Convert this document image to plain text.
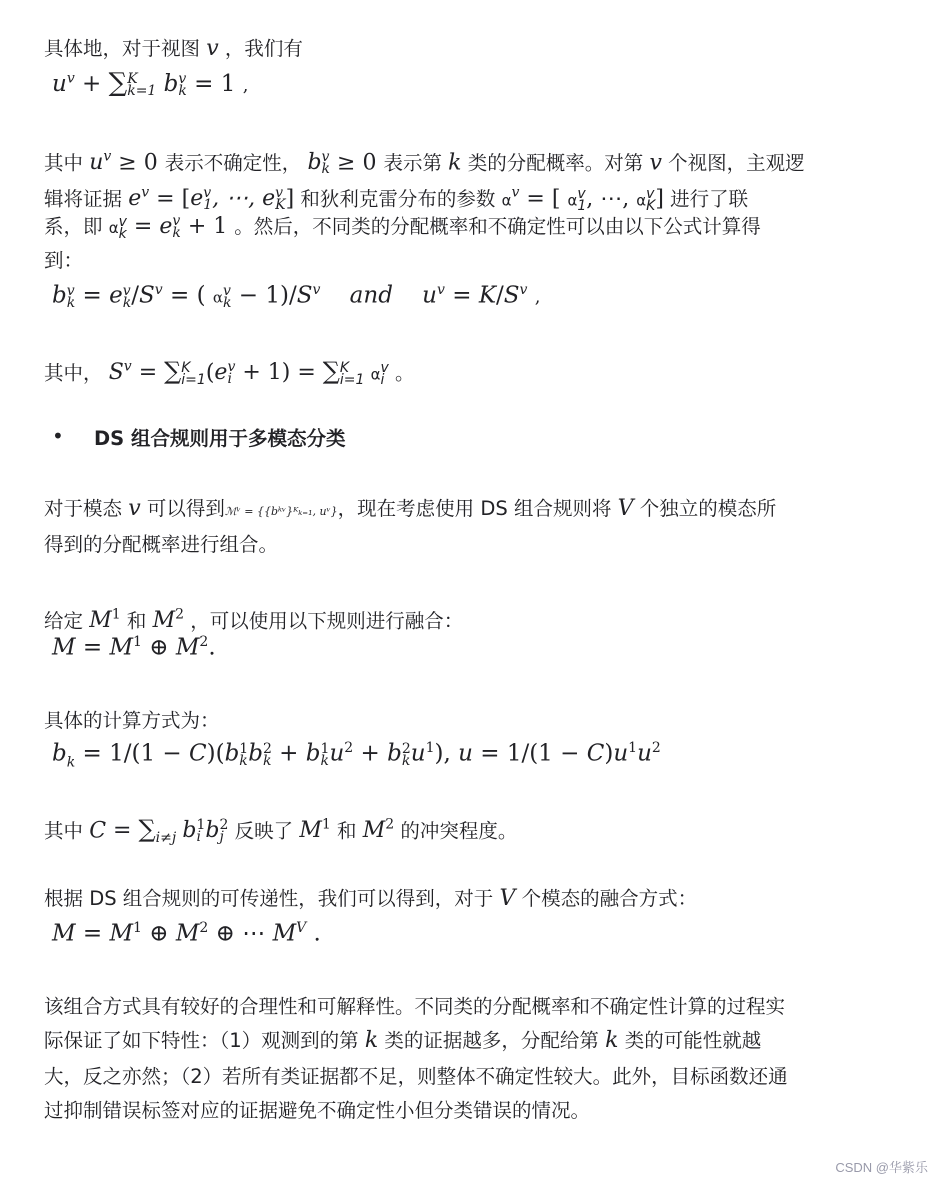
具体地，对于视图 v ，我们有
$u^v$ + ∑ K
k=1 b v
k = 1 ,
其中 $u^v \ge 0$ 表示不确定性， b v
k ≥ 0 表示第 k 类的分配概率。对第 v 个视图，主观逻
辑将证据 $e^v = [e$ v
1 , ⋯, e v
K ] 和狄利克雷分布的参数 $\alpha^v$ = [ α v
1 , ⋯, α v
K ] 进行了联
系，即 α v
k = e v
k + 1 。然后，不同类的分配概率和不确定性可以由以下公式计算得
到：
b v
k = e v
k $/S^v$ = ( α v
$k - 1)/S^v$ and $u^v = K/S^v$ ,
其中， $S^v$ = ∑ K
i=1 (e v
i + 1) = ∑ K
i=1 α v
i 。
• DS 组合规则用于多模态分类
对于模态 v 可以得到ℳᵛ = {{bᵏᵛ}ᴷₖ₌₁, uᵛ}，现在考虑使用 DS 组合规则将 V 个独立的模态所
得到的分配概率进行组合。
给定 $M^1$ 和 $M^2$ ，可以使用以下规则进行融合：
$M = M^1$ ⊕ $M^2$.
具体的计算方式为：
$b_k = 1/(1 - C)(b$ 1
k b 2
k + b 1
k $u^2 + b$ 2
k $u^1$), $u = 1/(1 - C)u^1u^2$
其中 $C = \sum_{i\ne j}$ b 1
i b 2
j 反映了 $M^1$ 和 $M^2$ 的冲突程度。
根据 DS 组合规则的可传递性，我们可以得到，对于 V 个模态的融合方式：
$M = M^1$ ⊕ $M^2$ ⊕ ⋯ $M^V$ .
该组合方式具有较好的合理性和可解释性。不同类的分配概率和不确定性计算的过程实
际保证了如下特性：（1）观测到的第 k 类的证据越多，分配给第 k 类的可能性就越
大，反之亦然；（2）若所有类证据都不足，则整体不确定性较大。此外，目标函数还通
过抑制错误标签对应的证据避免不确定性小但分类错误的情况。
CSDN @华紫乐
